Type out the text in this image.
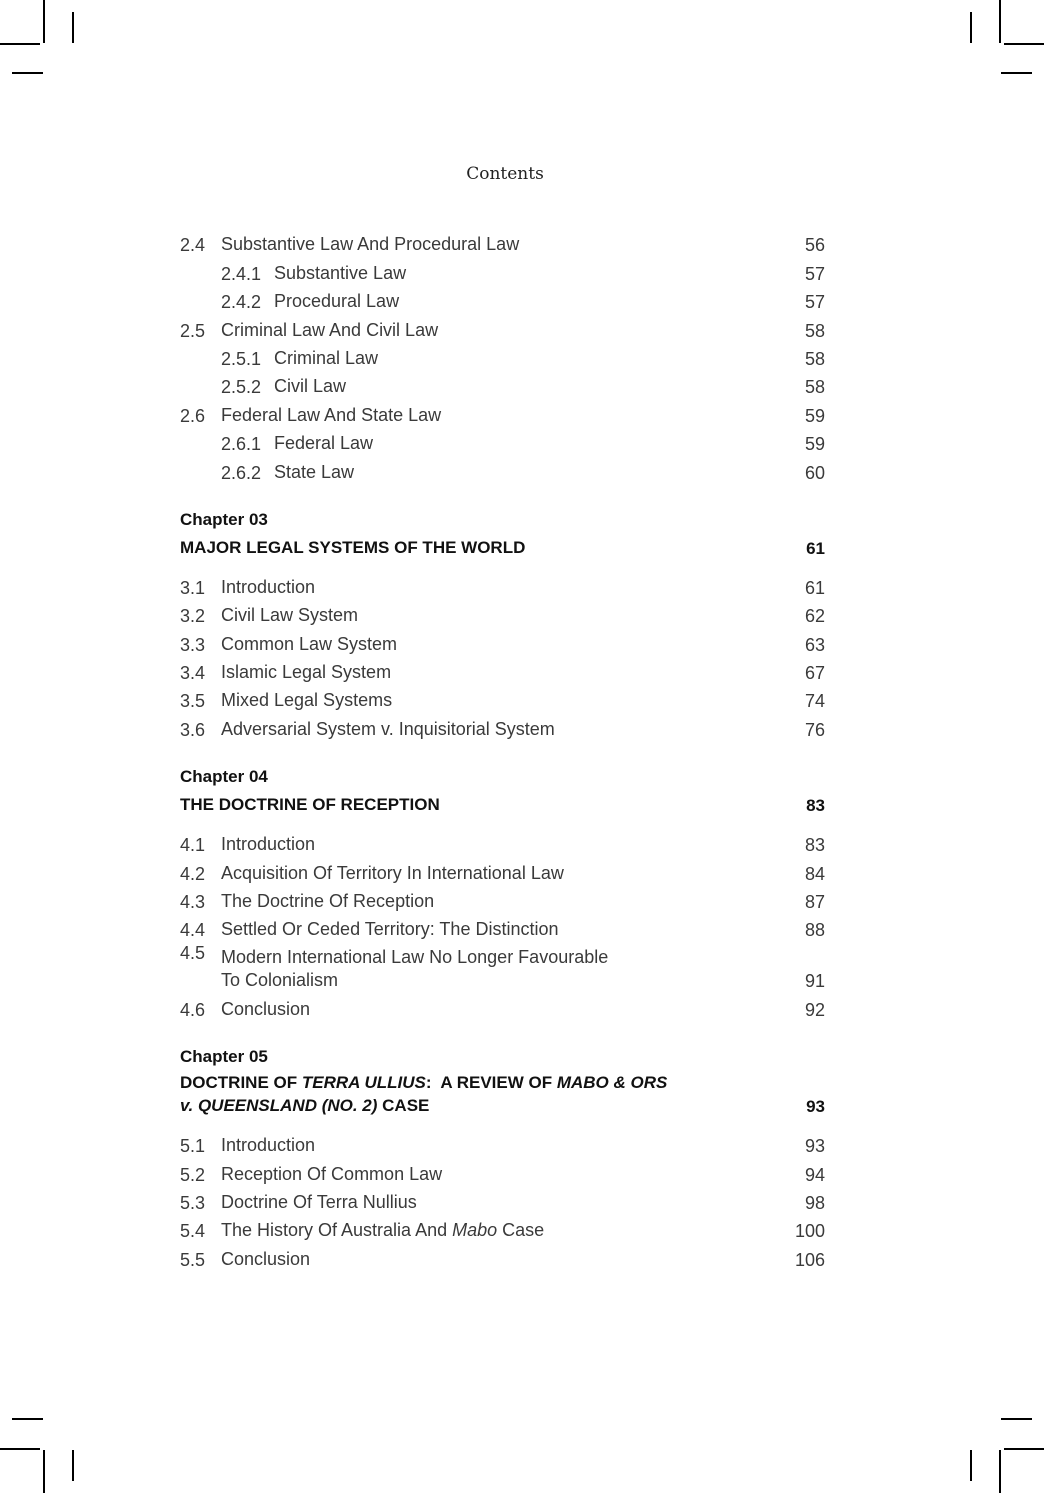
Contents
2.4 Substantive Law And Procedural Law	56
2.4.1 Substantive Law	57
2.4.2 Procedural Law	57
2.5 Criminal Law And Civil Law	58
2.5.1 Criminal Law	58
2.5.2 Civil Law	58
2.6 Federal Law And State Law	59
2.6.1 Federal Law	59
2.6.2 State Law	60
Chapter 03
MAJOR LEGAL SYSTEMS OF THE WORLD	61
3.1 Introduction	61
3.2 Civil Law System	62
3.3 Common Law System	63
3.4 Islamic Legal System	67
3.5 Mixed Legal Systems	74
3.6 Adversarial System v. Inquisitorial System	76
Chapter 04
THE DOCTRINE OF RECEPTION	83
4.1 Introduction	83
4.2 Acquisition Of Territory In International Law	84
4.3 The Doctrine Of Reception	87
4.4 Settled Or Ceded Territory: The Distinction	88
4.5 Modern International Law No Longer Favourable
To Colonialism	91
4.6 Conclusion	92
Chapter 05
DOCTRINE OF TERRA ULLIUS:  A REVIEW OF MABO & ORS
v. QUEENSLAND (NO. 2) CASE	93
5.1 Introduction	93
5.2 Reception Of Common Law	94
5.3 Doctrine Of Terra Nullius	98
5.4 The History Of Australia And Mabo Case	100
5.5 Conclusion	106
